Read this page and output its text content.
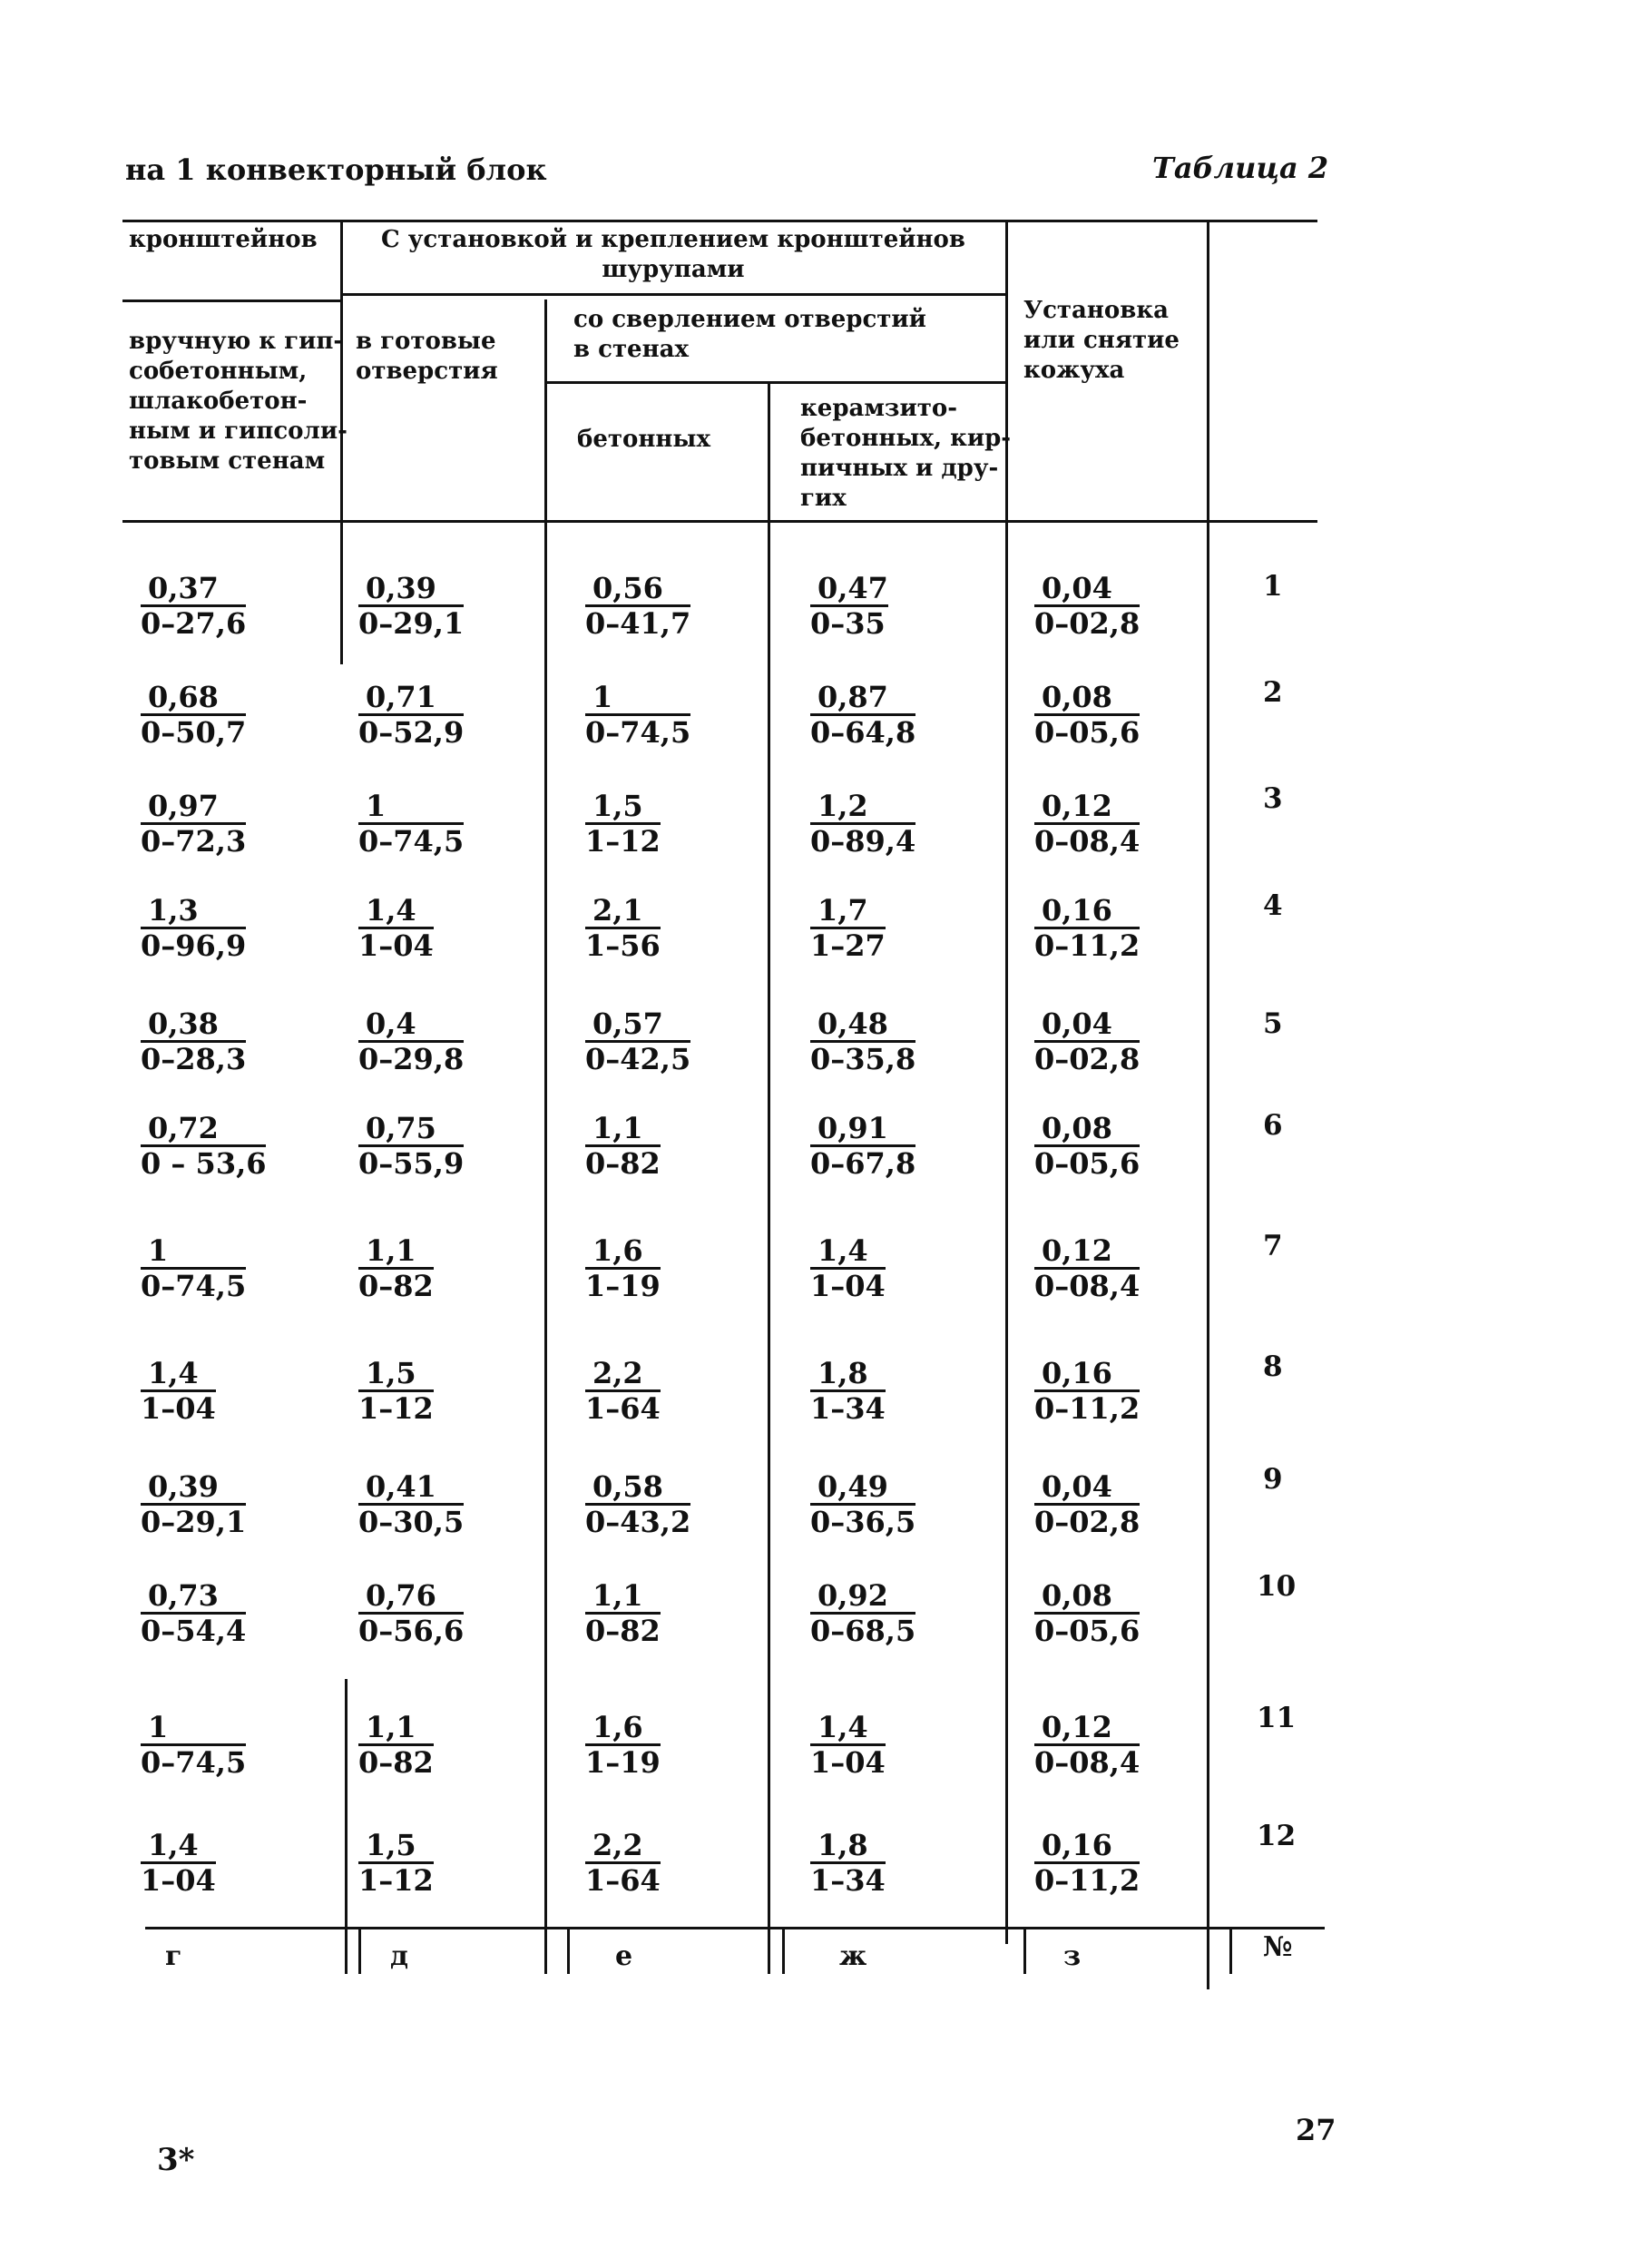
на 1 конвекторный блок	Таблица 2
кронштейнов	С установкой и креплением кронштейнов
шурупами
вручную к гип-
собетонным,
шлакобетон-
ным и гипсоли-
товым стенам
в готовые
отверстия
со сверлением отверстий
в стенах
бетонных
керамзито-
бетонных, кир-
пичных и дру-
гих
Установка
или снятие
кожуха
$\frac{0,37}{0-27,6}$	$\frac{0,39}{0-29,1}$	$\frac{0,56}{0-41,7}$	$\frac{0,47}{0-35}$	$\frac{0,04}{0-02,8}$	1
$\frac{0,68}{0-50,7}$	$\frac{0,71}{0-52,9}$	$\frac{1}{0-74,5}$	$\frac{0,87}{0-64,8}$	$\frac{0,08}{0-05,6}$	2
$\frac{0,97}{0-72,3}$	$\frac{1}{0-74,5}$	$\frac{1,5}{1-12}$	$\frac{1,2}{0-89,4}$	$\frac{0,12}{0-08,4}$	3
$\frac{1,3}{0-96,9}$	$\frac{1,4}{1-04}$	$\frac{2,1}{1-56}$	$\frac{1,7}{1-27}$	$\frac{0,16}{0-11,2}$	4
$\frac{0,38}{0-28,3}$	$\frac{0,4}{0-29,8}$	$\frac{0,57}{0-42,5}$	$\frac{0,48}{0-35,8}$	$\frac{0,04}{0-02,8}$	5
$\frac{0,72}{0 - 53,6}$	$\frac{0,75}{0-55,9}$	$\frac{1,1}{0-82}$	$\frac{0,91}{0-67,8}$	$\frac{0,08}{0-05,6}$	6
$\frac{1}{0-74,5}$	$\frac{1,1}{0-82}$	$\frac{1,6}{1-19}$	$\frac{1,4}{1-04}$	$\frac{0,12}{0-08,4}$	7
$\frac{1,4}{1-04}$	$\frac{1,5}{1-12}$	$\frac{2,2}{1-64}$	$\frac{1,8}{1-34}$	$\frac{0,16}{0-11,2}$	8
$\frac{0,39}{0-29,1}$	$\frac{0,41}{0-30,5}$	$\frac{0,58}{0-43,2}$	$\frac{0,49}{0-36,5}$	$\frac{0,04}{0-02,8}$	9
$\frac{0,73}{0-54,4}$	$\frac{0,76}{0-56,6}$	$\frac{1,1}{0-82}$	$\frac{0,92}{0-68,5}$	$\frac{0,08}{0-05,6}$	10
$\frac{1}{0-74,5}$	$\frac{1,1}{0-82}$	$\frac{1,6}{1-19}$	$\frac{1,4}{1-04}$	$\frac{0,12}{0-08,4}$	11
$\frac{1,4}{1-04}$	$\frac{1,5}{1-12}$	$\frac{2,2}{1-64}$	$\frac{1,8}{1-34}$	$\frac{0,16}{0-11,2}$	12
г	д	е	ж	з	№
3*
27
